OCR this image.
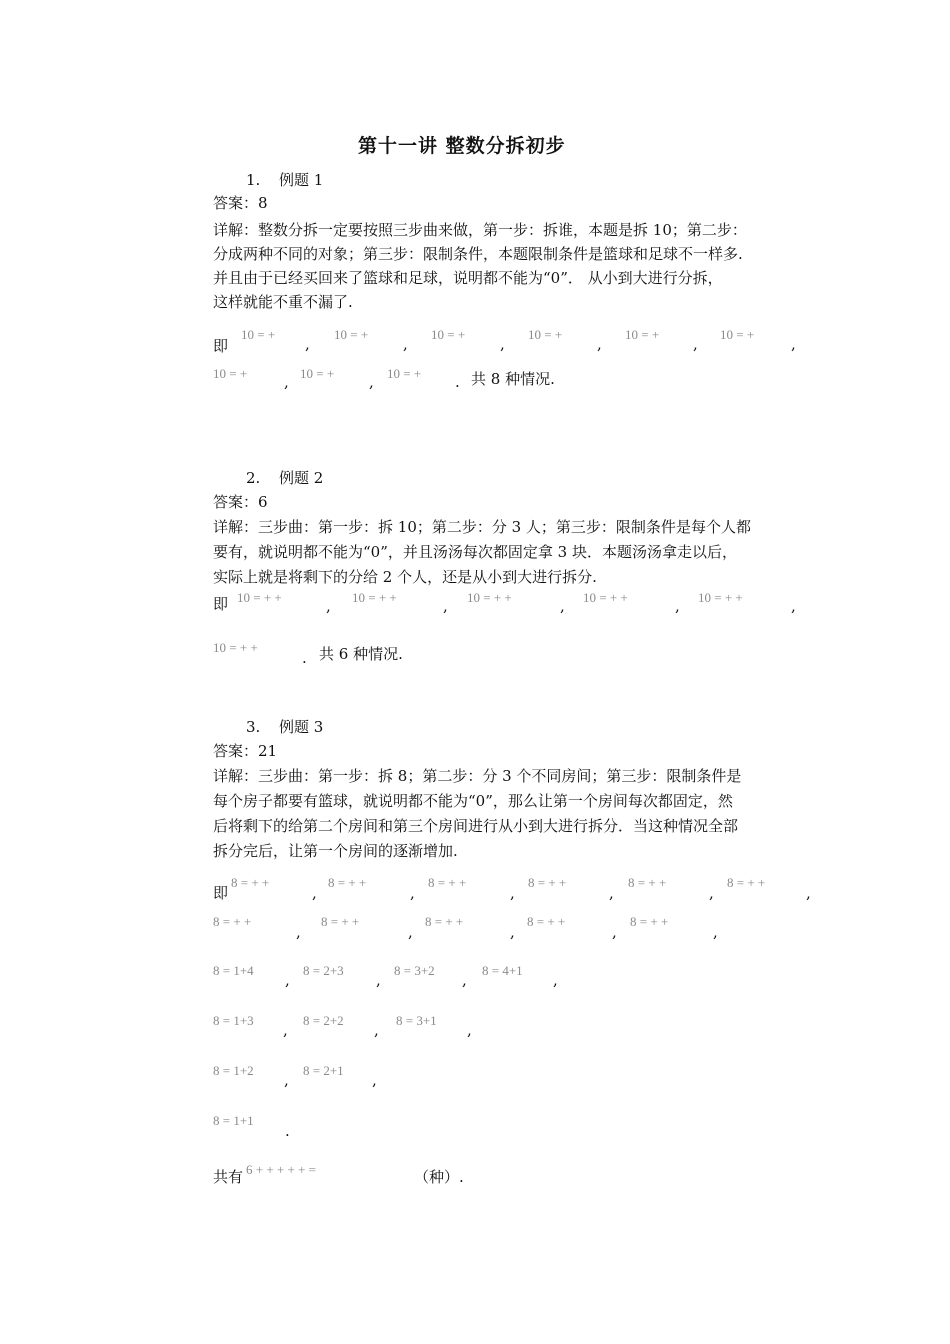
第十一讲 整数分拆初步
1. 例题 1
答案：8
详解：整数分拆一定要按照三步曲来做，第一步：拆谁，本题是拆 10；第二步：
分成两种不同的对象；第三步：限制条件，本题限制条件是篮球和足球不一样多.
并且由于已经买回来了篮球和足球，说明都不能为“0”． 从小到大进行分拆，
这样就能不重不漏了.
即
10 = +
,
10 = +
,
10 = +
,
10 = +
,
10 = +
,
10 = +
,
10 = + , 10 = + , 10 = + . 共 8 种情况.
2. 例题 2
答案：6
详解：三步曲：第一步：拆 10；第二步：分 3 人；第三步：限制条件是每个人都
要有，就说明都不能为“0”，并且汤汤每次都固定拿 3 块．本题汤汤拿走以后，
实际上就是将剩下的分给 2 个人，还是从小到大进行拆分.
即 10 = + +	, 10 = + +	, 10 = + +	, 10 = + +	, 10 = + +	,
10 = + +
. 共 6 种情况.
3. 例题 3
答案：21
详解：三步曲：第一步：拆 8；第二步：分 3 个不同房间；第三步：限制条件是
每个房子都要有篮球，就说明都不能为“0”，那么让第一个房间每次都固定，然
后将剩下的给第二个房间和第三个房间进行从小到大进行拆分．当这种情况全部
拆分完后，让第一个房间的逐渐增加.
即
8 = + +
,
8 = + +
,
8 = + +
,
8 = + +
,
8 = + +
,
8 = + +
,
8 = + +
,
8 = + +
,
8 = + +
,
8 = + +
,
8 = + +
,
8 = 1+4
,
8 = 2+3
,
8 = 3+2
,
8 = 4+1
,
8 = 1+3
,
8 = 2+2
,
8 = 3+1
,
8 = 1+2
,
8 = 2+1
,
8 = 1+1
.
共有 6 + + + + + =	（种）.
